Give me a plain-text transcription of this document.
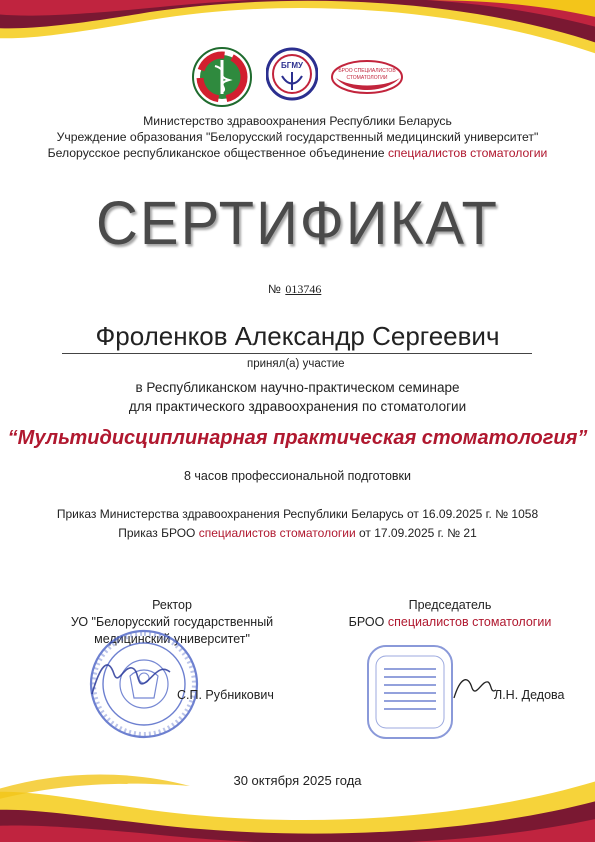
БГМУ
БРОО СПЕЦИАЛИСТОВ
СТОМАТОЛОГИИ
Министерство здравоохранения Республики Беларусь
Учреждение образования "Белорусский государственный медицинский университет"
Белорусское республиканское общественное объединение специалистов стоматологии
СЕРТИФИКАТ
№ 013746
Фроленков Александр Сергеевич
принял(а) участие
в Республиканском научно-практическом семинаре
для практического здравоохранения по стоматологии
“Мультидисциплинарная практическая стоматология”
8 часов профессиональной подготовки
Приказ Министерства здравоохранения Республики Беларусь от 16.09.2025 г. № 1058
Приказ БРОО специалистов стоматологии от 17.09.2025 г. № 21
Ректор
УО "Белорусский государственный
медицинский университет"
С.П. Рубникович
Председатель
БРОО специалистов стоматологии
Л.Н. Дедова
30 октября 2025 года
